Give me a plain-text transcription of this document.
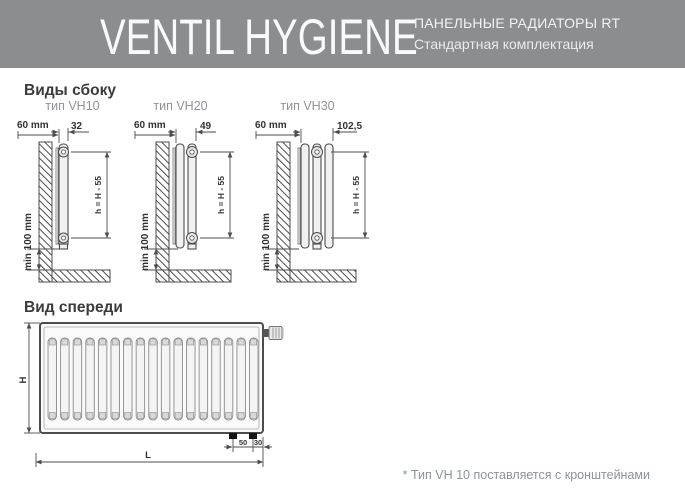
VENTIL HYGIENE
ПАНЕЛЬНЫЕ РАДИАТОРЫ RT
Стандартная комплектация
Виды сбоку
тип VH10	тип VH20	тип VH30
60 mm 32
h = H - 55
min 100 mm
60 mm	49
h = H - 55
min 100 mm
60 mm	102,5
h = H - 55
min 100 mm
Вид спереди
H
L
50 30
* Тип VH 10 поставляется с кронштейнами
